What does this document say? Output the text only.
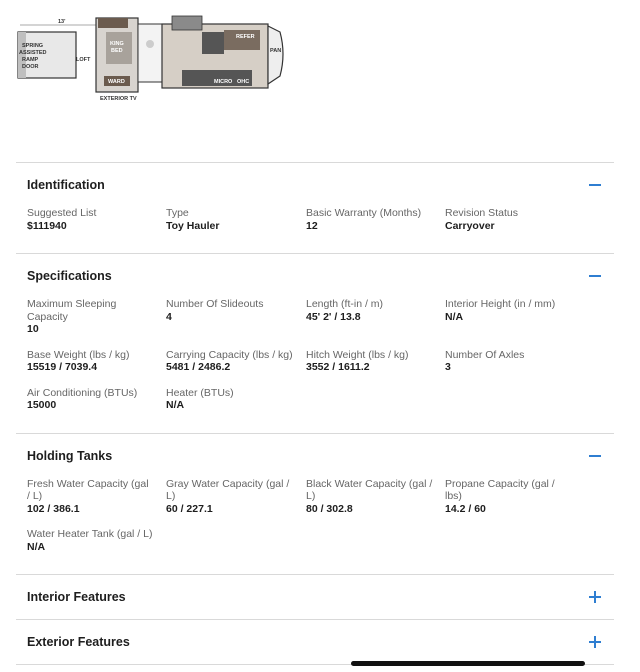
13'
SPRING
ASSISTED
RAMP
DOOR
LOFT
KING
BED
WARD
REFER
MICRO OHC
PAN
EXTERIOR TV
Identification
Suggested List
$111940
Type
Toy Hauler
Basic Warranty (Months)
12
Revision Status
Carryover
Specifications
Maximum Sleeping Capacity
10
Number Of Slideouts
4
Length (ft-in / m)
45' 2' / 13.8
Interior Height (in / mm)
N/A
Base Weight (lbs / kg)
15519 / 7039.4
Carrying Capacity (lbs / kg)
5481 / 2486.2
Hitch Weight (lbs / kg)
3552 / 1611.2
Number Of Axles
3
Air Conditioning (BTUs)
15000
Heater (BTUs)
N/A
Holding Tanks
Fresh Water Capacity (gal / L)
102 / 386.1
Gray Water Capacity (gal / L)
60 / 227.1
Black Water Capacity (gal / L)
80 / 302.8
Propane Capacity (gal / lbs)
14.2 / 60
Water Heater Tank (gal / L)
N/A
Interior Features
Exterior Features
